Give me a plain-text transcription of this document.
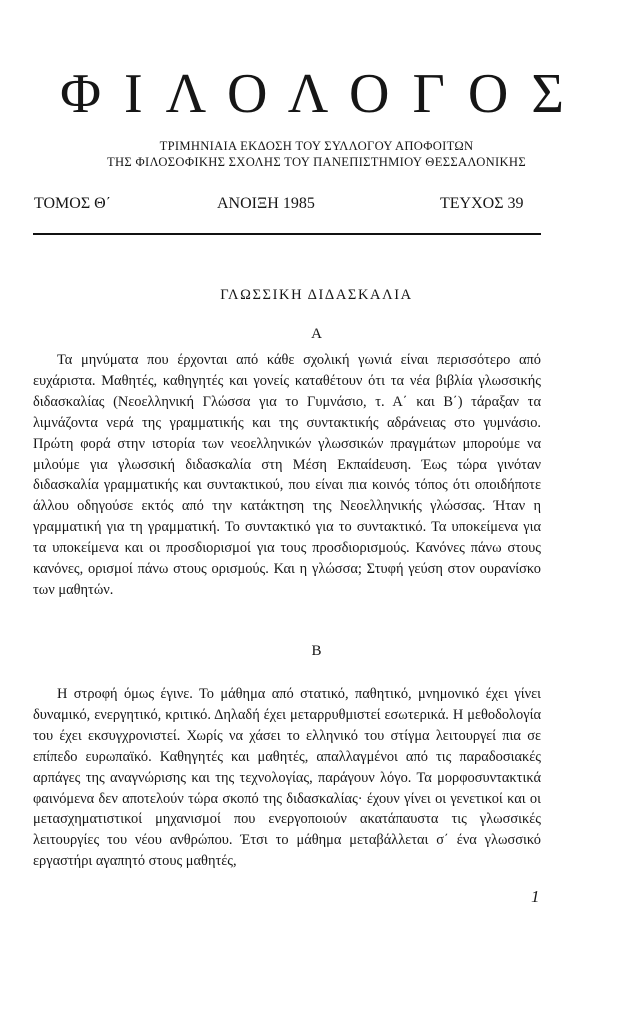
ΦΙΛΟΛΟΓΟΣ
ΤΡΙΜΗΝΙΑΙΑ ΕΚΔΟΣΗ ΤΟΥ ΣΥΛΛΟΓΟΥ ΑΠΟΦΟΙΤΩΝ
ΤΗΣ ΦΙΛΟΣΟΦΙΚΗΣ ΣΧΟΛΗΣ ΤΟΥ ΠΑΝΕΠΙΣΤΗΜΙΟΥ ΘΕΣΣΑΛΟΝΙΚΗΣ
ΤΟΜΟΣ Θ΄	ΑΝΟΙΞΗ 1985	ΤΕΥΧΟΣ 39
ΓΛΩΣΣΙΚΗ ΔΙΔΑΣΚΑΛΙΑ
Α

Τα μηνύματα που έρχονται από κάθε σχολική γωνιά είναι περισσότερο από ευχάριστα. Μαθητές, καθηγητές και γονείς καταθέτουν ότι τα νέα βιβλία γλωσσικής διδασκαλίας (Νεοελληνική Γλώσσα για το Γυμνάσιο, τ. Α΄ και Β΄) τάραξαν τα λιμνάζοντα νερά της γραμματικής και της συντακτικής αδράνειας στο γυμνάσιο. Πρώτη φορά στην ιστορία των νεοελληνικών γλωσσικών πραγμάτων μπορούμε να μιλούμε για γλωσσική διδασκαλία στη Μέση Εκπαίdευση. Έως τώρα γινόταν διδασκαλία γραμματικής και συντακτικού, που είναι πια κοινός τόπος ότι οποιδήποτε άλλου οδηγούσε εκτός από την κατάκτηση της Νεοελληνικής γλώσσας. Ήταν η γραμματική για τη γραμματική. Το συντακτικό για το συντακτικό. Τα υποκείμενα για τα υποκείμενα και οι προσδιορισμοί για τους προσδιορισμούς. Κανόνες πάνω στους κανόνες, ορισμοί πάνω στους ορισμούς. Και η γλώσσα; Στυφή γεύση στον ουρανίσκο των μαθητών.

Β

Η στροφή όμως έγινε. Το μάθημα από στατικό, παθητικό, μνημονικό έχει γίνει δυναμικό, ενεργητικό, κριτικό. Δηλαδή έχει μεταρρυθμιστεί εσωτερικά. Η μεθοδολογία του έχει εκσυγχρονιστεί. Χωρίς να χάσει το ελληνικό του στίγμα λειτουργεί πια σε επίπεδο ευρωπαϊκό. Καθηγητές και μαθητές, απαλλαγμένοι από τις παραδοσιακές αρπάγες της αναγνώρισης και της τεχνολογίας, παράγουν λόγο. Τα μορφοσυντακτικά φαινόμενα δεν αποτελούν τώρα σκοπό της διδασκαλίας· έχουν γίνει οι γενετικοί και οι μετασχηματιστικοί μηχανισμοί που ενεργοποιούν ακατάπαυστα τις γλωσσικές λειτουργίες του νέου ανθρώπου. Έτσι το μάθημα μεταβάλλεται σ΄ ένα γλωσσικό εργαστήρι αγαπητό στους μαθητές,

1
